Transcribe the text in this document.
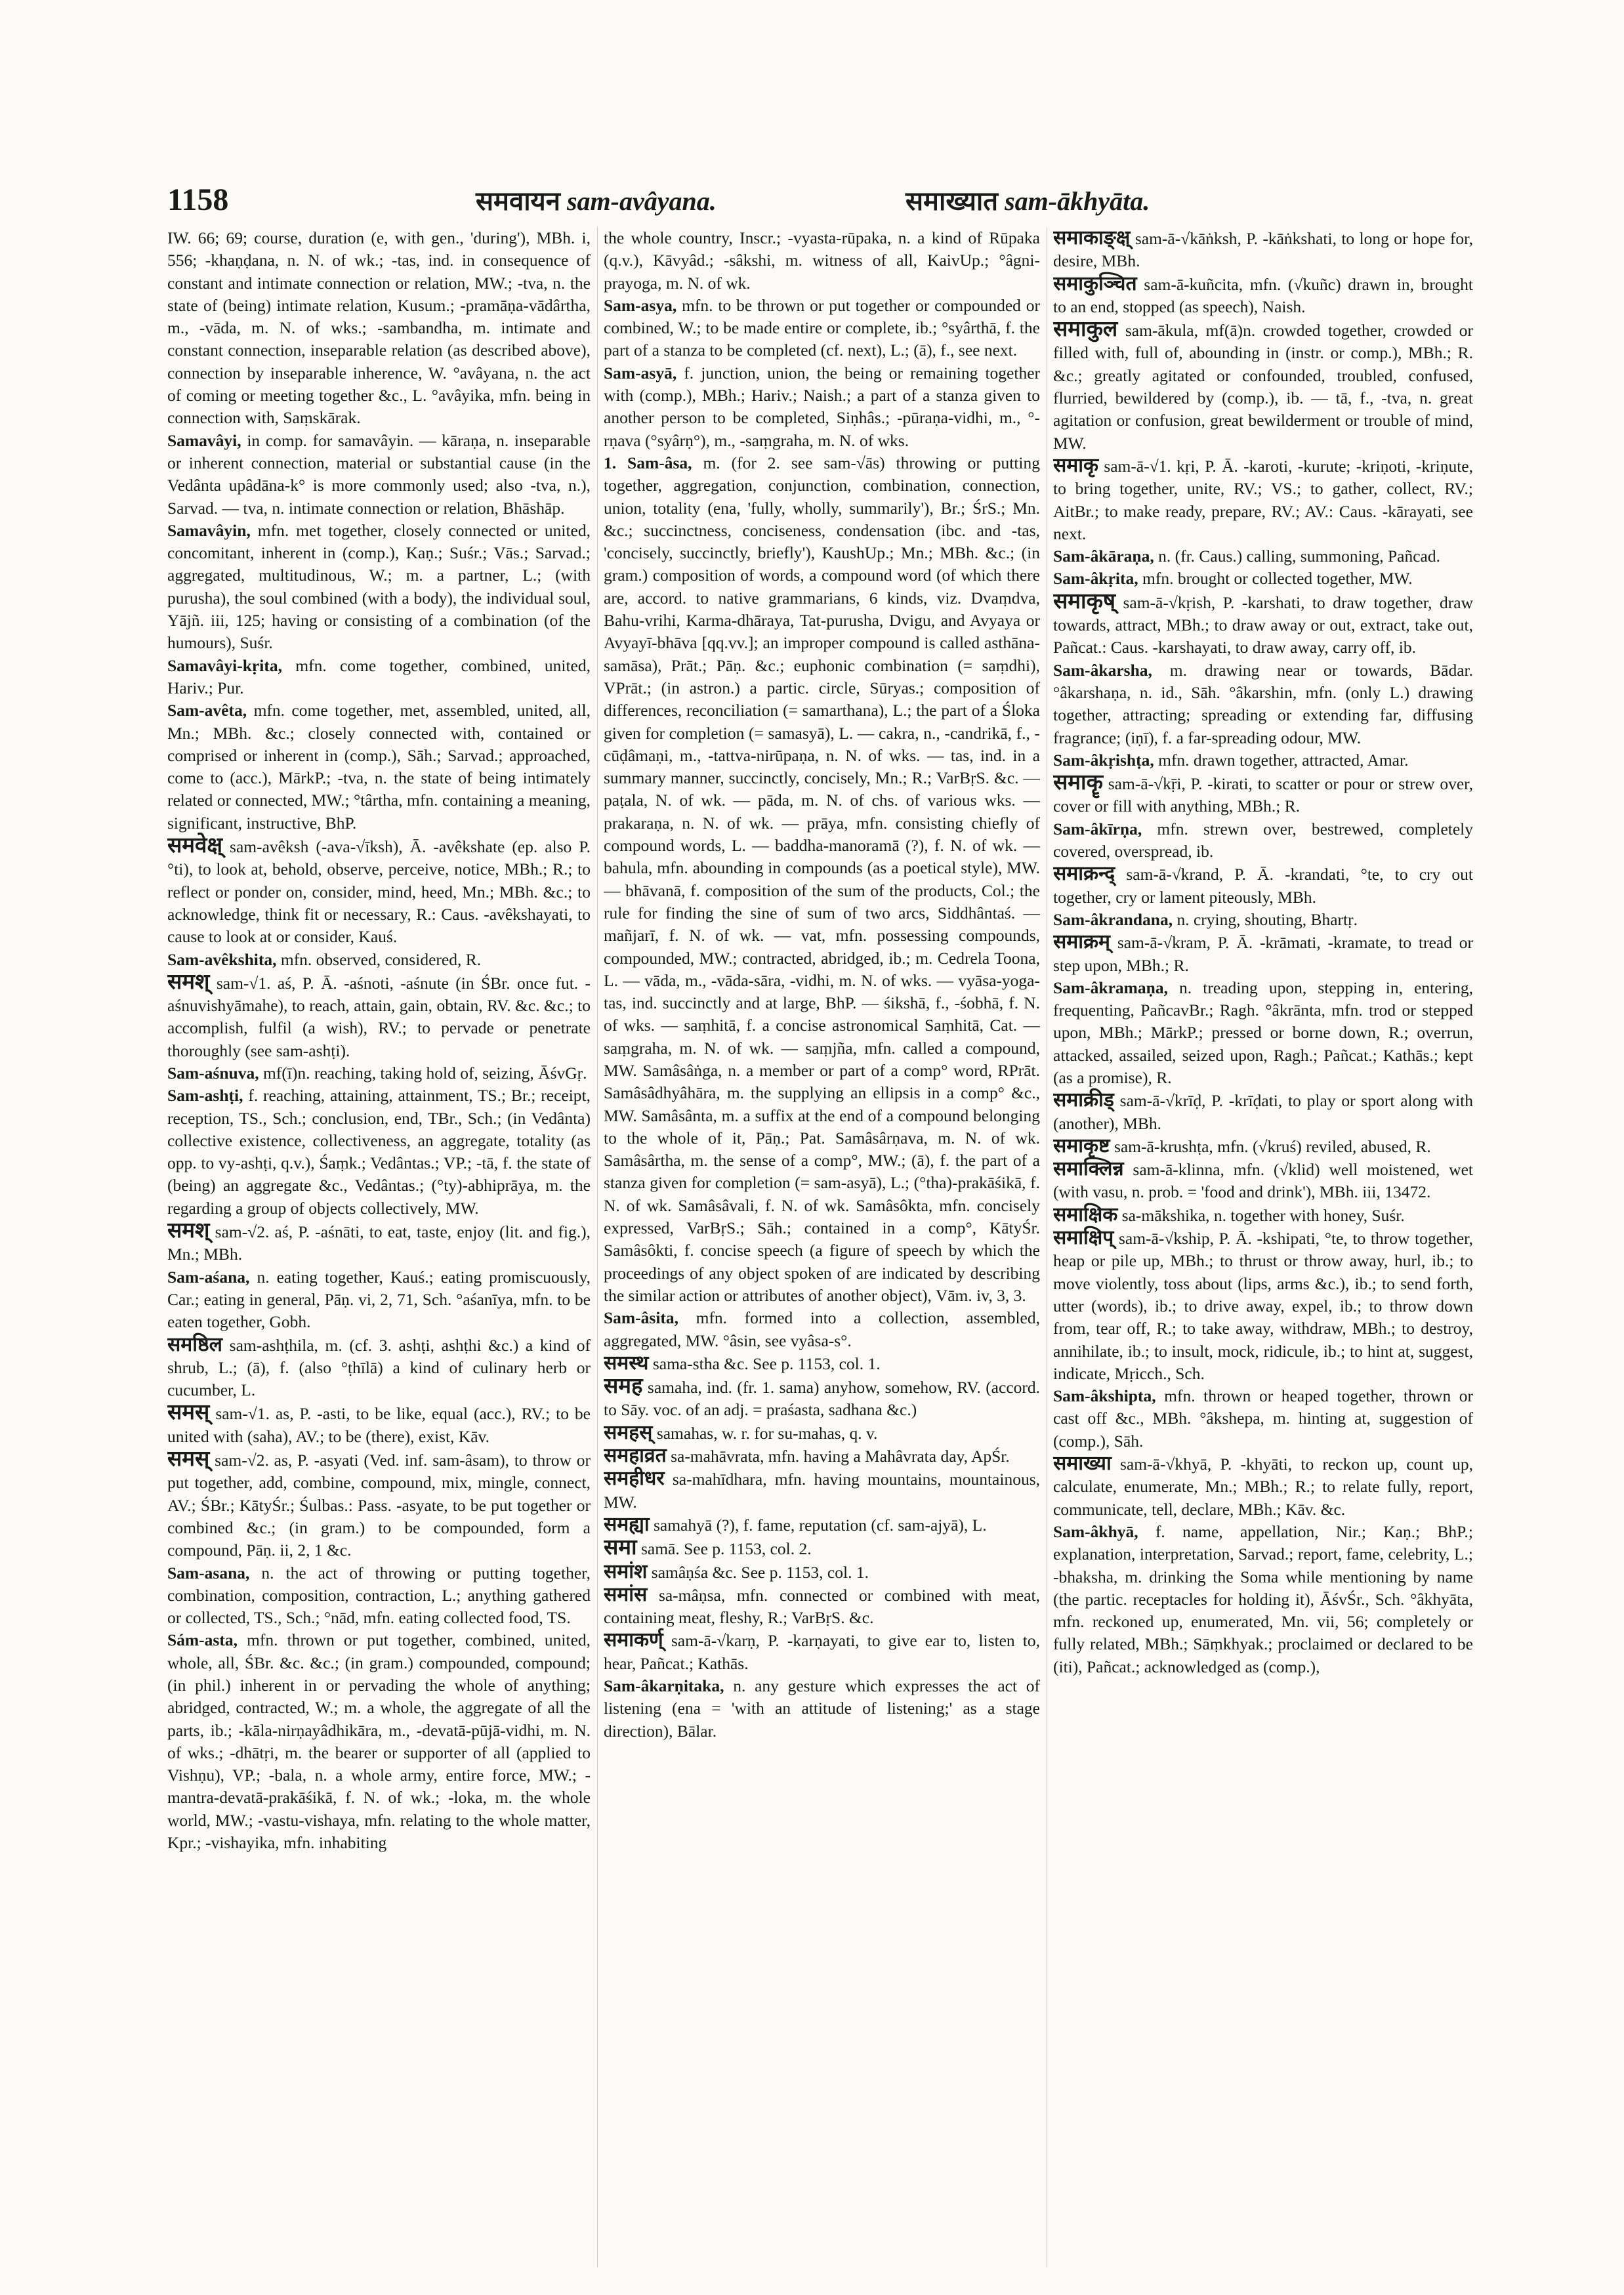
1158	समवायन sam-avâyana.	समाख्यात sam-ākhyāta.

IW. 66; 69; course, duration (e, with gen., 'during'), MBh. i, 556; -khaṇḍana, n. N. of wk.; -tas, ind. in consequence of constant and intimate connection or relation, MW.; -tva, n. the state of (being) intimate relation, Kusum.; -pramāṇa-vādârtha, m., -vāda, m. N. of wks.; -sambandha, m. intimate and constant connection, inseparable relation (as described above), connection by inseparable inherence, W. °avâyana, n. the act of coming or meeting together &c., L. °avâyika, mfn. being in connection with, Saṃskārak.

Samavâyi, in comp. for samavâyin. — kāraṇa, n. inseparable or inherent connection, material or substantial cause (in the Vedânta upâdāna-k° is more commonly used; also -tva, n.), Sarvad. — tva, n. intimate connection or relation, Bhāshāp.

Samavâyin, mfn. met together, closely connected or united, concomitant, inherent in (comp.), Kaṇ.; Suśr.; Vās.; Sarvad.; aggregated, multitudinous, W.; m. a partner, L.; (with purusha), the soul combined (with a body), the individual soul, Yājñ. iii, 125; having or consisting of a combination (of the humours), Suśr.

Samavâyi-kṛita, mfn. come together, combined, united, Hariv.; Pur.

Sam-avêta, mfn. come together, met, assembled, united, all, Mn.; MBh. &c.; closely connected with, contained or comprised or inherent in (comp.), Sāh.; Sarvad.; approached, come to (acc.), MārkP.; -tva, n. the state of being intimately related or connected, MW.; °târtha, mfn. containing a meaning, significant, instructive, BhP.

समवेक्ष् sam-avêksh (-ava-√īksh), Ā. -avêkshate (ep. also P. °ti), to look at, behold, observe, perceive, notice, MBh.; R.; to reflect or ponder on, consider, mind, heed, Mn.; MBh. &c.; to acknowledge, think fit or necessary, R.: Caus. -avêkshayati, to cause to look at or consider, Kauś.

Sam-avêkshita, mfn. observed, considered, R.

समश् sam-√1. aś, P. Ā. -aśnoti, -aśnute (in ŚBr. once fut. -aśnuvishyāmahe), to reach, attain, gain, obtain, RV. &c. &c.; to accomplish, fulfil (a wish), RV.; to pervade or penetrate thoroughly (see sam-ashṭi).

Sam-aśnuva, mf(ī)n. reaching, taking hold of, seizing, ĀśvGṛ.

Sam-ashṭi, f. reaching, attaining, attainment, TS.; Br.; receipt, reception, TS., Sch.; conclusion, end, TBr., Sch.; (in Vedânta) collective existence, collectiveness, an aggregate, totality (as opp. to vy-ashṭi, q.v.), Śaṃk.; Vedântas.; VP.; -tā, f. the state of (being) an aggregate &c., Vedântas.; (°ty)-abhiprāya, m. the regarding a group of objects collectively, MW.

समश् sam-√2. aś, P. -aśnāti, to eat, taste, enjoy (lit. and fig.), Mn.; MBh.

Sam-aśana, n. eating together, Kauś.; eating promiscuously, Car.; eating in general, Pāṇ. vi, 2, 71, Sch. °aśanīya, mfn. to be eaten together, Gobh.

समष्ठिल sam-ashṭhila, m. (cf. 3. ashṭi, ashṭhi &c.) a kind of shrub, L.; (ā), f. (also °ṭhīlā) a kind of culinary herb or cucumber, L.

समस् sam-√1. as, P. -asti, to be like, equal (acc.), RV.; to be united with (saha), AV.; to be (there), exist, Kāv.

समस् sam-√2. as, P. -asyati (Ved. inf. sam-âsam), to throw or put together, add, combine, compound, mix, mingle, connect, AV.; ŚBr.; KātyŚr.; Śulbas.: Pass. -asyate, to be put together or combined &c.; (in gram.) to be compounded, form a compound, Pāṇ. ii, 2, 1 &c.

Sam-asana, n. the act of throwing or putting together, combination, composition, contraction, L.; anything gathered or collected, TS., Sch.; °nād, mfn. eating collected food, TS.

Sám-asta, mfn. thrown or put together, combined, united, whole, all, ŚBr. &c. &c.; (in gram.) compounded, compound; (in phil.) inherent in or pervading the whole of anything; abridged, contracted, W.; m. a whole, the aggregate of all the parts, ib.; -kāla-nirṇayâdhikāra, m., -devatā-pūjā-vidhi, m. N. of wks.; -dhātṛi, m. the bearer or supporter of all (applied to Vishṇu), VP.; -bala, n. a whole army, entire force, MW.; -mantra-devatā-prakāśikā, f. N. of wk.; -loka, m. the whole world, MW.; -vastu-vishaya, mfn. relating to the whole matter, Kpr.; -vishayika, mfn. inhabiting

the whole country, Inscr.; -vyasta-rūpaka, n. a kind of Rūpaka (q.v.), Kāvyâd.; -sâkshi, m. witness of all, KaivUp.; °âgni-prayoga, m. N. of wk.

Sam-asya, mfn. to be thrown or put together or compounded or combined, W.; to be made entire or complete, ib.; °syârthā, f. the part of a stanza to be completed (cf. next), L.; (ā), f., see next.

Sam-asyā, f. junction, union, the being or remaining together with (comp.), MBh.; Hariv.; Naish.; a part of a stanza given to another person to be completed, Siṇhâs.; -pūraṇa-vidhi, m., °-rṇava (°syârṇ°), m., -saṃgraha, m. N. of wks.

1. Sam-âsa, m. (for 2. see sam-√ās) throwing or putting together, aggregation, conjunction, combination, connection, union, totality (ena, 'fully, wholly, summarily'), Br.; ŚrS.; Mn. &c.; succinctness, conciseness, condensation (ibc. and -tas, 'concisely, succinctly, briefly'), KaushUp.; Mn.; MBh. &c.; (in gram.) composition of words, a compound word (of which there are, accord. to native grammarians, 6 kinds, viz. Dvaṃdva, Bahu-vrihi, Karma-dhāraya, Tat-purusha, Dvigu, and Avyaya or Avyayī-bhāva [qq.vv.]; an improper compound is called asthāna-samāsa), Prāt.; Pāṇ. &c.; euphonic combination (= saṃdhi), VPrāt.; (in astron.) a partic. circle, Sūryas.; composition of differences, reconciliation (= samarthana), L.; the part of a Śloka given for completion (= samasyā), L. — cakra, n., -candrikā, f., -cūḍâmaṇi, m., -tattva-nirūpaṇa, n. N. of wks. — tas, ind. in a summary manner, succinctly, concisely, Mn.; R.; VarBṛS. &c. — paṭala, N. of wk. — pāda, m. N. of chs. of various wks. — prakaraṇa, n. N. of wk. — prāya, mfn. consisting chiefly of compound words, L. — baddha-manoramā (?), f. N. of wk. — bahula, mfn. abounding in compounds (as a poetical style), MW. — bhāvanā, f. composition of the sum of the products, Col.; the rule for finding the sine of sum of two arcs, Siddhântaś. — mañjarī, f. N. of wk. — vat, mfn. possessing compounds, compounded, MW.; contracted, abridged, ib.; m. Cedrela Toona, L. — vāda, m., -vāda-sāra, -vidhi, m. N. of wks. — vyāsa-yoga-tas, ind. succinctly and at large, BhP. — śikshā, f., -śobhā, f. N. of wks. — saṃhitā, f. a concise astronomical Saṃhitā, Cat. — saṃgraha, m. N. of wk. — saṃjña, mfn. called a compound, MW. Samâsâṅga, n. a member or part of a comp° word, RPrāt. Samâsâdhyâhāra, m. the supplying an ellipsis in a comp° &c., MW. Samâsânta, m. a suffix at the end of a compound belonging to the whole of it, Pāṇ.; Pat. Samâsârṇava, m. N. of wk. Samâsârtha, m. the sense of a comp°, MW.; (ā), f. the part of a stanza given for completion (= sam-asyā), L.; (°tha)-prakāśikā, f. N. of wk. Samâsâvali, f. N. of wk. Samâsôkta, mfn. concisely expressed, VarBṛS.; Sāh.; contained in a comp°, KātyŚr. Samâsôkti, f. concise speech (a figure of speech by which the proceedings of any object spoken of are indicated by describing the similar action or attributes of another object), Vām. iv, 3, 3.

Sam-âsita, mfn. formed into a collection, assembled, aggregated, MW. °âsin, see vyâsa-s°.

समस्थ sama-stha &c. See p. 1153, col. 1.

समह samaha, ind. (fr. 1. sama) anyhow, somehow, RV. (accord. to Sāy. voc. of an adj. = praśasta, sadhana &c.)

समहस् samahas, w. r. for su-mahas, q. v.

समहाव्रत sa-mahāvrata, mfn. having a Mahâvrata day, ApŚr.

समहीधर sa-mahīdhara, mfn. having mountains, mountainous, MW.

समह्या samahyā (?), f. fame, reputation (cf. sam-ajyā), L.

समा samā. See p. 1153, col. 2.

समांश samâṇśa &c. See p. 1153, col. 1.

समांस sa-mâṇsa, mfn. connected or combined with meat, containing meat, fleshy, R.; VarBṛS. &c.

समाकर्ण् sam-ā-√karṇ, P. -karṇayati, to give ear to, listen to, hear, Pañcat.; Kathās.

Sam-âkarṇitaka, n. any gesture which expresses the act of listening (ena = 'with an attitude of listening;' as a stage direction), Bālar.

समाकाङ्क्ष् sam-ā-√kāṅksh, P. -kāṅkshati, to long or hope for, desire, MBh.

समाकुञ्चित sam-ā-kuñcita, mfn. (√kuñc) drawn in, brought to an end, stopped (as speech), Naish.

समाकुल sam-ākula, mf(ā)n. crowded together, crowded or filled with, full of, abounding in (instr. or comp.), MBh.; R. &c.; greatly agitated or confounded, troubled, confused, flurried, bewildered by (comp.), ib. — tā, f., -tva, n. great agitation or confusion, great bewilderment or trouble of mind, MW.

समाकृ sam-ā-√1. kṛi, P. Ā. -karoti, -kurute; -kriṇoti, -kriṇute, to bring together, unite, RV.; VS.; to gather, collect, RV.; AitBr.; to make ready, prepare, RV.; AV.: Caus. -kārayati, see next.

Sam-âkāraṇa, n. (fr. Caus.) calling, summoning, Pañcad.

Sam-âkṛita, mfn. brought or collected together, MW.

समाकृष् sam-ā-√kṛish, P. -karshati, to draw together, draw towards, attract, MBh.; to draw away or out, extract, take out, Pañcat.: Caus. -karshayati, to draw away, carry off, ib.

Sam-âkarsha, m. drawing near or towards, Bādar. °âkarshaṇa, n. id., Sāh. °âkarshin, mfn. (only L.) drawing together, attracting; spreading or extending far, diffusing fragrance; (iṇī), f. a far-spreading odour, MW.

Sam-âkṛishṭa, mfn. drawn together, attracted, Amar.

समाकॄ sam-ā-√kṝi, P. -kirati, to scatter or pour or strew over, cover or fill with anything, MBh.; R.

Sam-âkīrṇa, mfn. strewn over, bestrewed, completely covered, overspread, ib.

समाक्रन्द् sam-ā-√krand, P. Ā. -krandati, °te, to cry out together, cry or lament piteously, MBh.

Sam-âkrandana, n. crying, shouting, Bhartṛ.

समाक्रम् sam-ā-√kram, P. Ā. -krāmati, -kramate, to tread or step upon, MBh.; R.

Sam-âkramaṇa, n. treading upon, stepping in, entering, frequenting, PañcavBr.; Ragh. °âkrānta, mfn. trod or stepped upon, MBh.; MārkP.; pressed or borne down, R.; overrun, attacked, assailed, seized upon, Ragh.; Pañcat.; Kathās.; kept (as a promise), R.

समाक्रीड् sam-ā-√krīḍ, P. -krīḍati, to play or sport along with (another), MBh.

समाकृष्ट sam-ā-krushṭa, mfn. (√kruś) reviled, abused, R.

समाक्लिन्न sam-ā-klinna, mfn. (√klid) well moistened, wet (with vasu, n. prob. = 'food and drink'), MBh. iii, 13472.

समाक्षिक sa-mākshika, n. together with honey, Suśr.

समाक्षिप् sam-ā-√kship, P. Ā. -kshipati, °te, to throw together, heap or pile up, MBh.; to thrust or throw away, hurl, ib.; to move violently, toss about (lips, arms &c.), ib.; to send forth, utter (words), ib.; to drive away, expel, ib.; to throw down from, tear off, R.; to take away, withdraw, MBh.; to destroy, annihilate, ib.; to insult, mock, ridicule, ib.; to hint at, suggest, indicate, Mṛicch., Sch.

Sam-âkshipta, mfn. thrown or heaped together, thrown or cast off &c., MBh. °âkshepa, m. hinting at, suggestion of (comp.), Sāh.

समाख्या sam-ā-√khyā, P. -khyāti, to reckon up, count up, calculate, enumerate, Mn.; MBh.; R.; to relate fully, report, communicate, tell, declare, MBh.; Kāv. &c.

Sam-âkhyā, f. name, appellation, Nir.; Kaṇ.; BhP.; explanation, interpretation, Sarvad.; report, fame, celebrity, L.; -bhaksha, m. drinking the Soma while mentioning by name (the partic. receptacles for holding it), ĀśvŚr., Sch. °âkhyāta, mfn. reckoned up, enumerated, Mn. vii, 56; completely or fully related, MBh.; Sāṃkhyak.; proclaimed or declared to be (iti), Pañcat.; acknowledged as (comp.),
